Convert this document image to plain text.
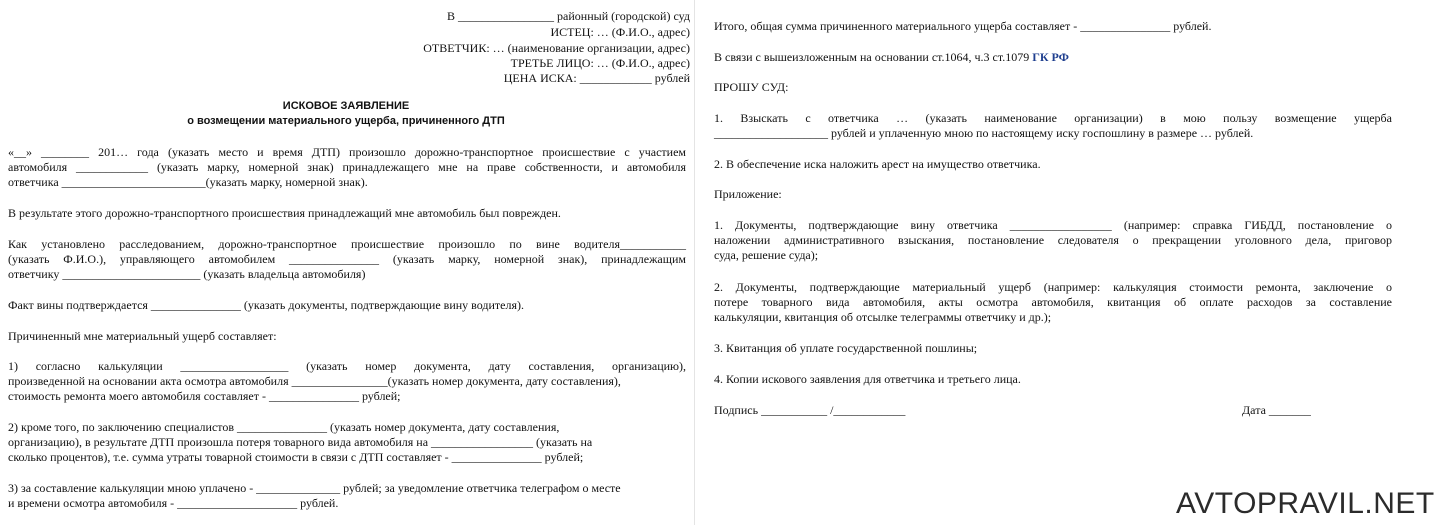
В ________________ районный (городской) суд
ИСТЕЦ: … (Ф.И.О., адрес)
ОТВЕТЧИК: … (наименование организации, адрес)
ТРЕТЬЕ ЛИЦО: … (Ф.И.О., адрес)
ЦЕНА ИСКА: ____________ рублей
ИСКОВОЕ ЗАЯВЛЕНИЕ
о возмещении материального ущерба, причиненного ДТП
«__» ________ 201… года (указать место и время ДТП) произошло дорожно-транспортное происшествие с участием
автомобиля ____________ (указать марку, номерной знак) принадлежащего мне на праве собственности, и автомобиля
ответчика ________________________(указать марку, номерной знак).
В результате этого дорожно-транспортного происшествия принадлежащий мне автомобиль был поврежден.
Как установлено расследованием, дорожно-транспортное происшествие произошло по вине водителя___________
(указать Ф.И.О.), управляющего автомобилем _______________ (указать марку, номерной знак), принадлежащим
ответчику _______________________ (указать владельца автомобиля)
Факт вины подтверждается _______________ (указать документы, подтверждающие вину водителя).
Причиненный мне материальный ущерб составляет:
1) согласно калькуляции __________________ (указать номер документа, дату составления, организацию),
произведенной на основании акта осмотра автомобиля ________________(указать номер документа, дату составления),
стоимость ремонта моего автомобиля составляет - _______________ рублей;
2) кроме того, по заключению специалистов _______________ (указать номер документа, дату составления,
организацию), в результате ДТП произошла потеря товарного вида автомобиля на _________________ (указать на
сколько процентов), т.е. сумма утраты товарной стоимости в связи с ДТП составляет - _______________ рублей;
3) за составление калькуляции мною уплачено - ______________ рублей; за уведомление ответчика телеграфом о месте
и времени осмотра автомобиля - ____________________ рублей.
Итого, общая сумма причиненного материального ущерба составляет - _______________ рублей.
В связи с вышеизложенным на основании ст.1064, ч.3 ст.1079 ГК РФ
ПРОШУ СУД:
1. Взыскать с ответчика … (указать наименование организации) в мою пользу возмещение ущерба
___________________ рублей и уплаченную мною по настоящему иску госпошлину в размере … рублей.
2. В обеспечение иска наложить арест на имущество ответчика.
Приложение:
1. Документы, подтверждающие вину ответчика _________________ (например: справка ГИБДД, постановление о
наложении административного взыскания, постановление следователя о прекращении уголовного дела, приговор
суда, решение суда);
2. Документы, подтверждающие материальный ущерб (например: калькуляция стоимости ремонта, заключение о
потере товарного вида автомобиля, акты осмотра автомобиля, квитанция об оплате расходов за составление
калькуляции, квитанция об отсылке телеграммы ответчику и др.);
3. Квитанция об уплате государственной пошлины;
4. Копии искового заявления для ответчика и третьего лица.
Подпись ___________ /____________	Дата _______
AVTOPRAVIL.NET
